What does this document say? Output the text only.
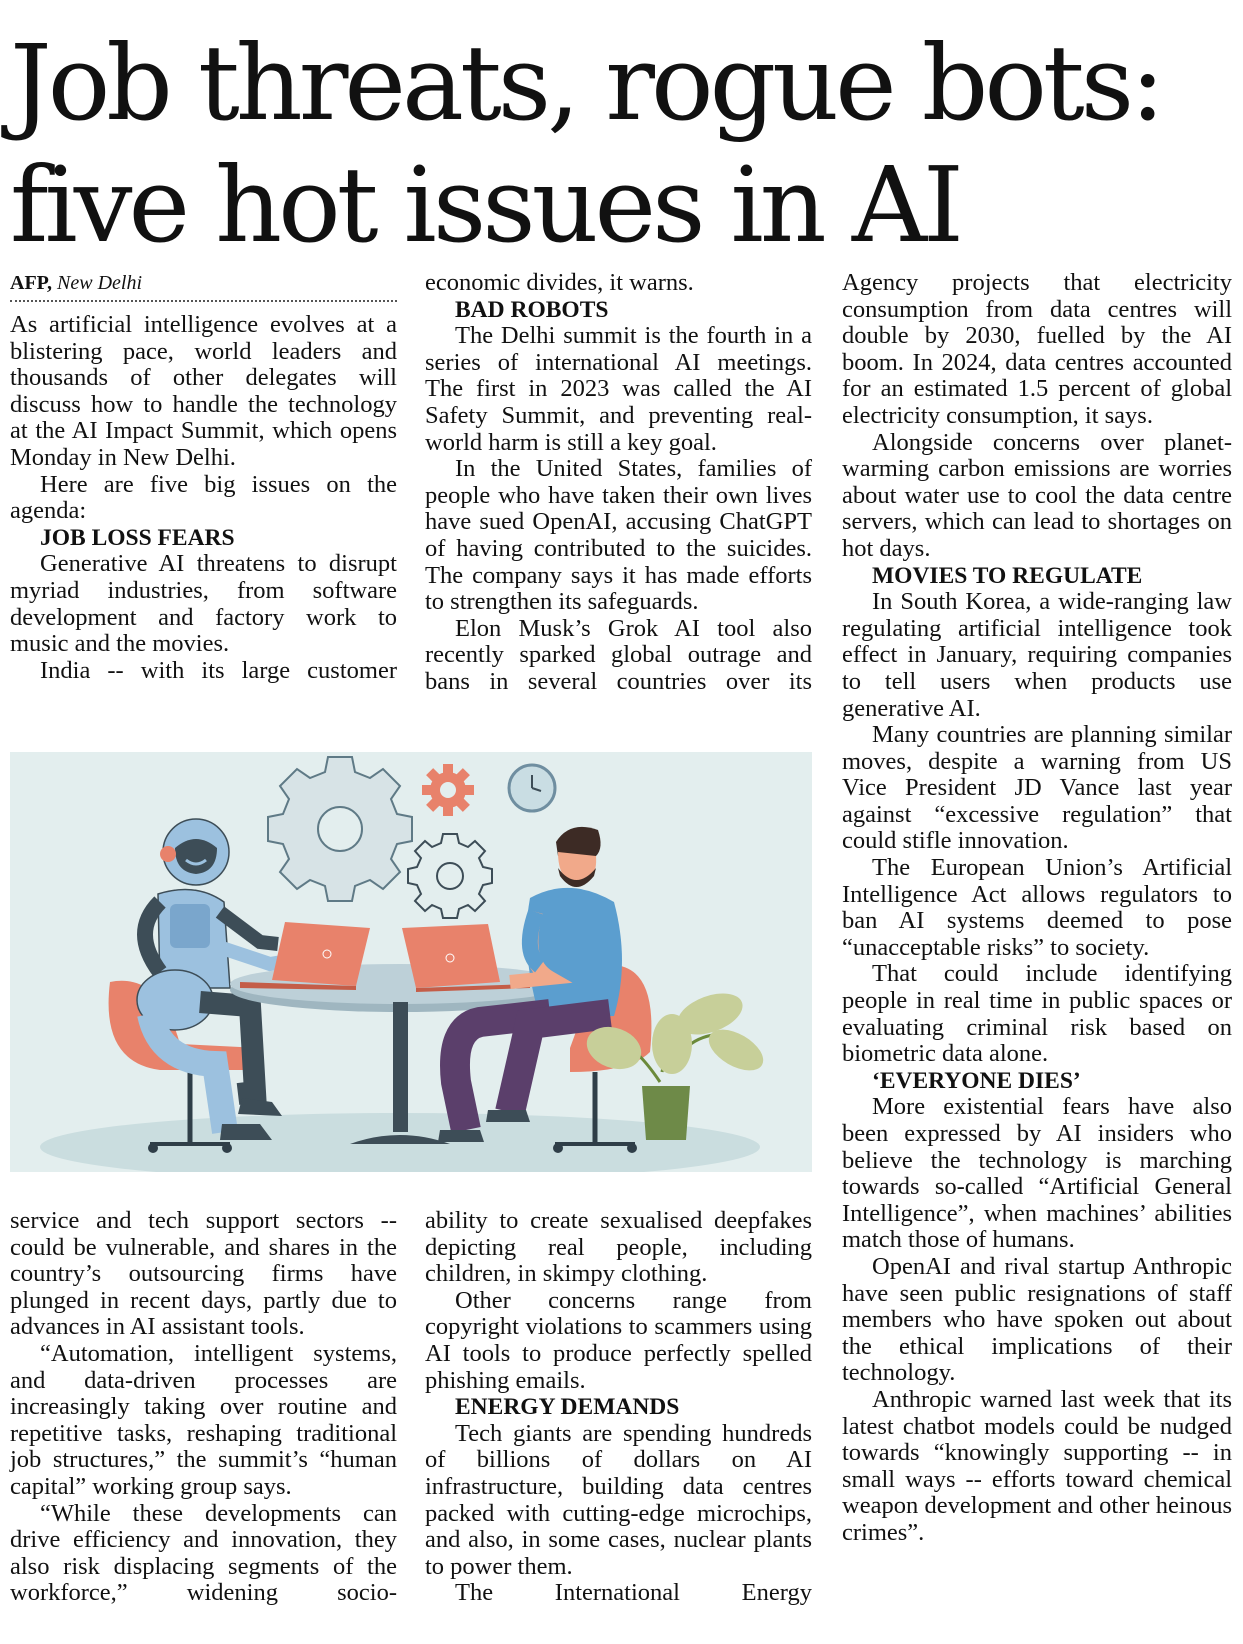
Job threats, rogue bots:
five hot issues in AI
AFP, New Delhi

As artificial intelligence evolves at a blistering pace, world leaders and thousands of other delegates will discuss how to handle the technology at the AI Impact Summit, which opens Monday in New Delhi.

Here are five big issues on the agenda:

JOB LOSS FEARS

Generative AI threatens to disrupt myriad industries, from software development and factory work to music and the movies.

India -- with its large customer

economic divides, it warns.

BAD ROBOTS

The Delhi summit is the fourth in a series of international AI meetings. The first in 2023 was called the AI Safety Summit, and preventing real-world harm is still a key goal.

In the United States, families of people who have taken their own lives have sued OpenAI, accusing ChatGPT of having contributed to the suicides. The company says it has made efforts to strengthen its safeguards.

Elon Musk’s Grok AI tool also recently sparked global outrage and bans in several countries over its

Agency projects that electricity consumption from data centres will double by 2030, fuelled by the AI boom. In 2024, data centres accounted for an estimated 1.5 percent of global electricity consumption, it says.

Alongside concerns over planet-warming carbon emissions are worries about water use to cool the data centre servers, which can lead to shortages on hot days.

MOVIES TO REGULATE

In South Korea, a wide-ranging law regulating artificial intelligence took effect in January, requiring companies to tell users when products use generative AI.

Many countries are planning similar moves, despite a warning from US Vice President JD Vance last year against “excessive regulation” that could stifle innovation.

The European Union’s Artificial Intelligence Act allows regulators to ban AI systems deemed to pose “unacceptable risks” to society.

That could include identifying people in real time in public spaces or evaluating criminal risk based on biometric data alone.

‘EVERYONE DIES’

More existential fears have also been expressed by AI insiders who believe the technology is marching towards so-called “Artificial General Intelligence”, when machines’ abilities match those of humans.

OpenAI and rival startup Anthropic have seen public resignations of staff members who have spoken out about the ethical implications of their technology.

Anthropic warned last week that its latest chatbot models could be nudged towards “knowingly supporting -- in small ways -- efforts toward chemical weapon development and other heinous crimes”.

service and tech support sectors -- could be vulnerable, and shares in the country’s outsourcing firms have plunged in recent days, partly due to advances in AI assistant tools.

“Automation, intelligent systems, and data-driven processes are increasingly taking over routine and repetitive tasks, reshaping traditional job structures,” the summit’s “human capital” working group says.

“While these developments can drive efficiency and innovation, they also risk displacing segments of the workforce,” widening socio-

ability to create sexualised deepfakes depicting real people, including children, in skimpy clothing.

Other concerns range from copyright violations to scammers using AI tools to produce perfectly spelled phishing emails.

ENERGY DEMANDS

Tech giants are spending hundreds of billions of dollars on AI infrastructure, building data centres packed with cutting-edge microchips, and also, in some cases, nuclear plants to power them.

The International Energy
